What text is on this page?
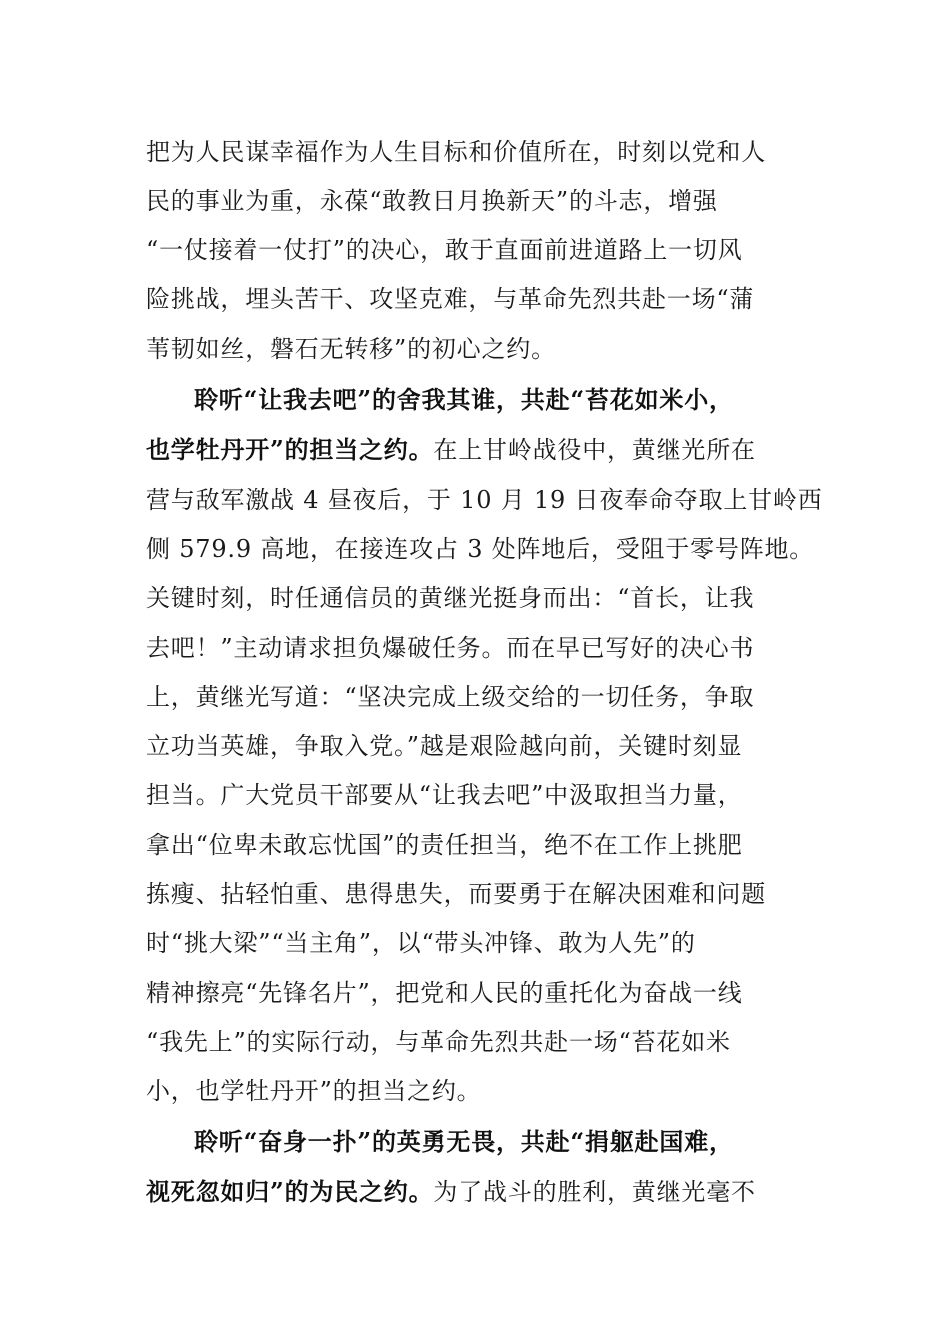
把为人民谋幸福作为人生目标和价值所在，时刻以党和人
民的事业为重，永葆“敢教日月换新天”的斗志，增强
“一仗接着一仗打”的决心，敢于直面前进道路上一切风
险挑战，埋头苦干、攻坚克难，与革命先烈共赴一场“蒲
苇韧如丝，磐石无转移”的初心之约。
聆听“让我去吧”的舍我其谁，共赴“苔花如米小，
也学牡丹开”的担当之约。在上甘岭战役中，黄继光所在
营与敌军激战 4 昼夜后，于 10 月 19 日夜奉命夺取上甘岭西
侧 579.9 高地，在接连攻占 3 处阵地后，受阻于零号阵地。
关键时刻，时任通信员的黄继光挺身而出：“首长，让我
去吧！”主动请求担负爆破任务。而在早已写好的决心书
上，黄继光写道：“坚决完成上级交给的一切任务，争取
立功当英雄，争取入党。”越是艰险越向前，关键时刻显
担当。广大党员干部要从“让我去吧”中汲取担当力量，
拿出“位卑未敢忘忧国”的责任担当，绝不在工作上挑肥
拣瘦、拈轻怕重、患得患失，而要勇于在解决困难和问题
时“挑大梁”“当主角”，以“带头冲锋、敢为人先”的
精神擦亮“先锋名片”，把党和人民的重托化为奋战一线
“我先上”的实际行动，与革命先烈共赴一场“苔花如米
小，也学牡丹开”的担当之约。
聆听“奋身一扑”的英勇无畏，共赴“捐躯赴国难，
视死忽如归”的为民之约。为了战斗的胜利，黄继光毫不
